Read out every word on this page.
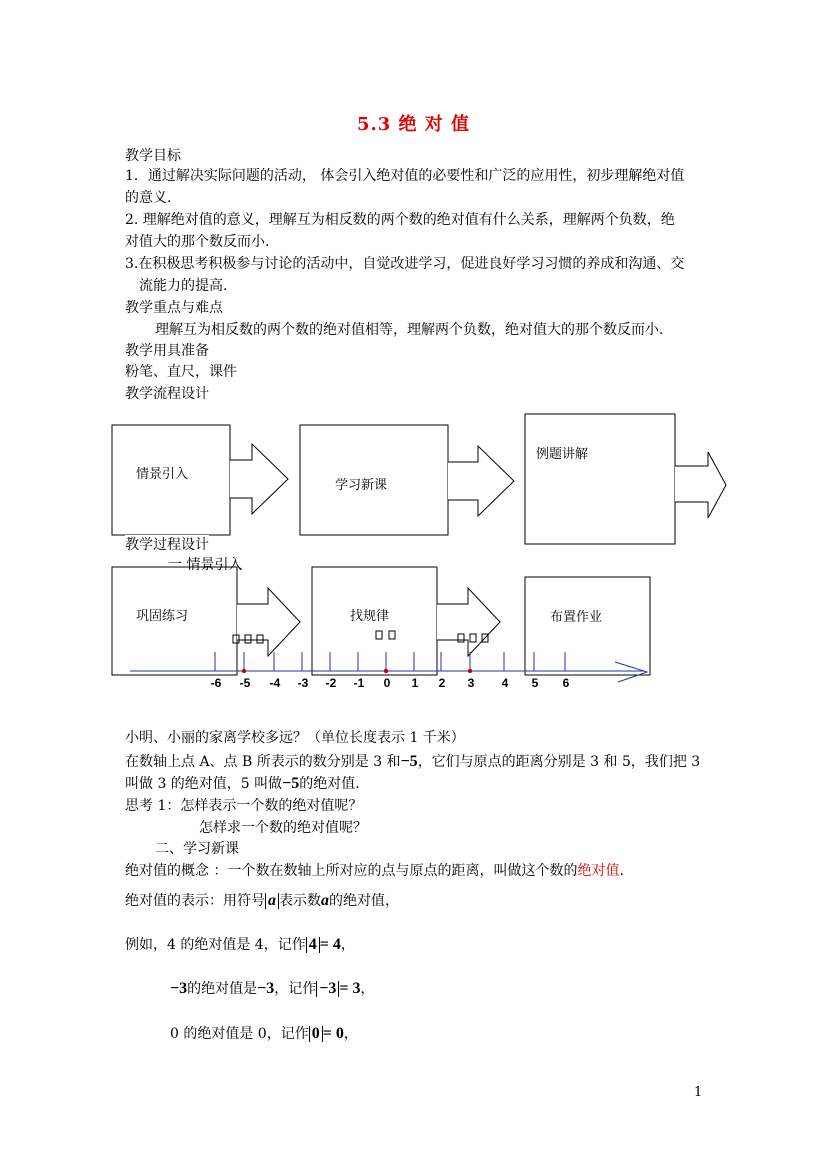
5.3 绝 对 值
教学目标
1．通过解决实际问题的活动， 体会引入绝对值的必要性和广泛的应用性，初步理解绝对值
的意义.
2. 理解绝对值的意义，理解互为相反数的两个数的绝对值有什么关系，理解两个负数，绝
对值大的那个数反而小.
3.在积极思考积极参与讨论的活动中，自觉改进学习，促进良好学习习惯的养成和沟通、交
流能力的提高.
教学重点与难点
理解互为相反数的两个数的绝对值相等，理解两个负数，绝对值大的那个数反而小.
教学用具准备
粉笔、直尺，课件
教学流程设计
情景引入
学习新课
例题讲解
巩固练习	找规律	布置作业
教学过程设计
一 情景引入
-6	-5	-4	-3	-2	-1	0	1	2	3	4	5	6
小明、小丽的家离学校多远？（单位长度表示 1 千米）
在数轴上点 A、点 B 所表示的数分别是 3 和−5，它们与原点的距离分别是 3 和 5，我们把 3
叫做 3 的绝对值，5 叫做−5的绝对值.
思考 1：怎样表示一个数的绝对值呢？
怎样求一个数的绝对值呢？
二、学习新课
绝对值的概念 ：一个数在数轴上所对应的点与原点的距离，叫做这个数的绝对值.
绝对值的表示：用符号 a 表示数a的绝对值，
例如，4 的绝对值是 4，记作 4 = 4，
−3的绝对值是−3，记作 −3 = 3，
0 的绝对值是 0，记作 0 = 0，
1
